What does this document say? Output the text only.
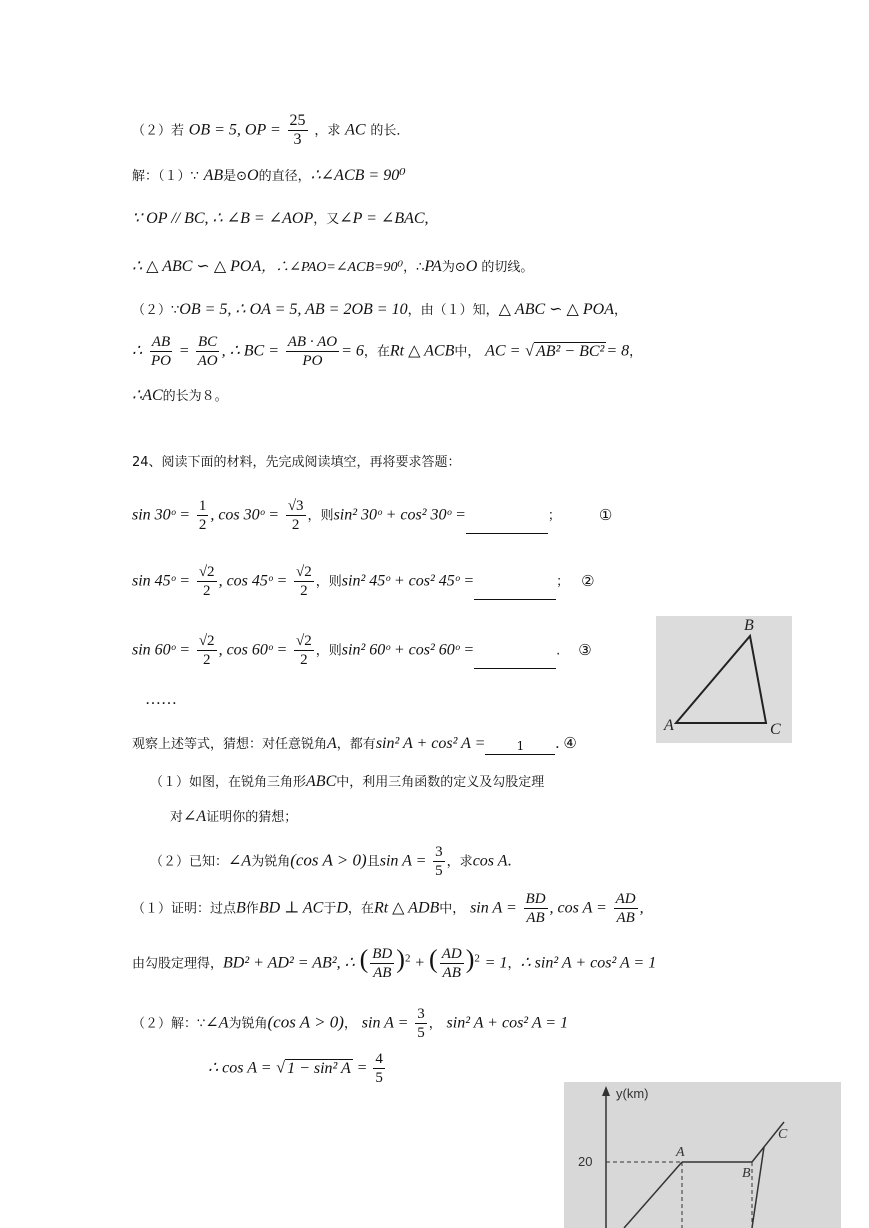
（２）若 OB = 5, OP = $\frac{25}{3}$ ，求 AC 的长．
解：（１）∵ AB是⊙O的直径，∴∠ACB = 90⁰
∵ OP // BC, ∴ ∠B = ∠AOP，又∠P = ∠BAC,
∴ △ ABC ∽ △ POA，∴∠PAO=∠ACB=90⁰，∴PA为⊙O 的切线。
（２）∵OB = 5, ∴ OA = 5, AB = 2OB = 10，由（１）知，△ ABC ∽ △ POA，
∴ $\frac{AB}{PO} = \frac{BC}{AO}$ , ∴ BC = $\frac{AB \cdot AO}{PO} = 6$，在Rt △ ACB中， AC = √ AB² − BC² = 8，
∴AC的长为８。
24、阅读下面的材料，先完成阅读填空，再将要求答题：
sin 30ᵒ = $\frac{1}{2}$ , cos 30ᵒ = $\frac{√3}{2}$ ，则sin² 30ᵒ + cos² 30ᵒ =	；	①
sin 45ᵒ = $\frac{√2}{2}$ , cos 45ᵒ = $\frac{√2}{2}$ ，则sin² 45ᵒ + cos² 45ᵒ =	； ②
sin 60ᵒ = $\frac{√2}{2}$ , cos 60ᵒ = $\frac{√2}{2}$ ，则sin² 60ᵒ + cos² 60ᵒ =	. ③
……
观察上述等式，猜想：对任意锐角A，都有sin² A + cos² A =	1 . ④
（１）如图，在锐角三角形ABC中，利用三角函数的定义及勾股定理
对∠A证明你的猜想；
（２）已知：∠A为锐角(cos A > 0)且$\sin A = \frac{3}{5}$ ，求cos A.
（１）证明：过点B作BD ⊥ AC于D，在Rt △ ADB中， $\sin A = \frac{BD}{AB}$ , $\cos A = \frac{AD}{AB}$ ,
由勾股定理得，BD² + AD² = AB², ∴ ( $\frac{BD}{AB} )^2$ + ( $\frac{AD}{AB} )^2 = 1$，∴ sin² A + cos² A = 1
（２）解：∵∠A为锐角(cos A > 0)， $\sin A = \frac{3}{5}$ ， sin² A + cos² A = 1
∴ cos A = √ 1 − sin² $A = \frac{4}{5}$
A
B
C
y(km)
20
A
B
C
